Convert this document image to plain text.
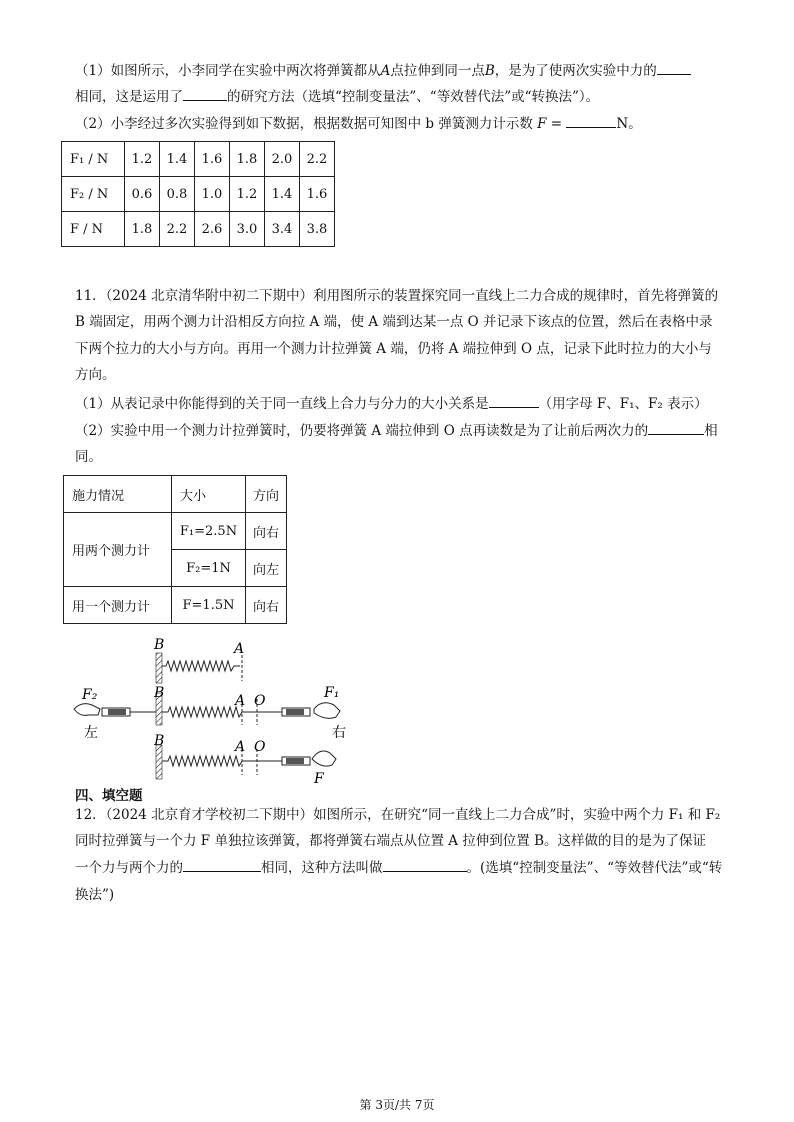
（1）如图所示，小李同学在实验中两次将弹簧都从A点拉伸到同一点B，是为了使两次实验中力的
相同，这是运用了	的研究方法（选填“控制变量法”、“等效替代法”或“转换法”）。
（2）小李经过多次实验得到如下数据，根据数据可知图中 b 弹簧测力计示数 F =	N。
F₁ / N	1.2	1.4	1.6	1.8	2.0	2.2
F₂ / N	0.6	0.8	1.0	1.2	1.4	1.6
F / N	1.8	2.2	2.6	3.0	3.4	3.8
11．（2024 北京清华附中初二下期中）利用图所示的装置探究同一直线上二力合成的规律时，首先将弹簧的
B 端固定，用两个测力计沿相反方向拉 A 端，使 A 端到达某一点 O 并记录下该点的位置，然后在表格中录
下两个拉力的大小与方向。再用一个测力计拉弹簧 A 端，仍将 A 端拉伸到 O 点，记录下此时拉力的大小与
方向。
（1）从表记录中你能得到的关于同一直线上合力与分力的大小关系是	（用字母 F、F₁、F₂ 表示）
（2）实验中用一个测力计拉弹簧时，仍要将弹簧 A 端拉伸到 O 点再读数是为了让前后两次力的	相
同。
施力情况	大小	方向
用两个测力计	F₁=2.5N	向右
	F₂=1N	向左
用一个测力计	F=1.5N	向右
B	A
B
F₂	A O	F₁
左	右
B	A O
F
四、填空题
12．（2024 北京育才学校初二下期中）如图所示，在研究“同一直线上二力合成”时，实验中两个力 F₁ 和 F₂
同时拉弹簧与一个力 F 单独拉该弹簧，都将弹簧右端点从位置 A 拉伸到位置 B。这样做的目的是为了保证
一个力与两个力的	相同，这种方法叫做	。(选填“控制变量法”、“等效替代法”或“转
换法”)
第 3页/共 7页
